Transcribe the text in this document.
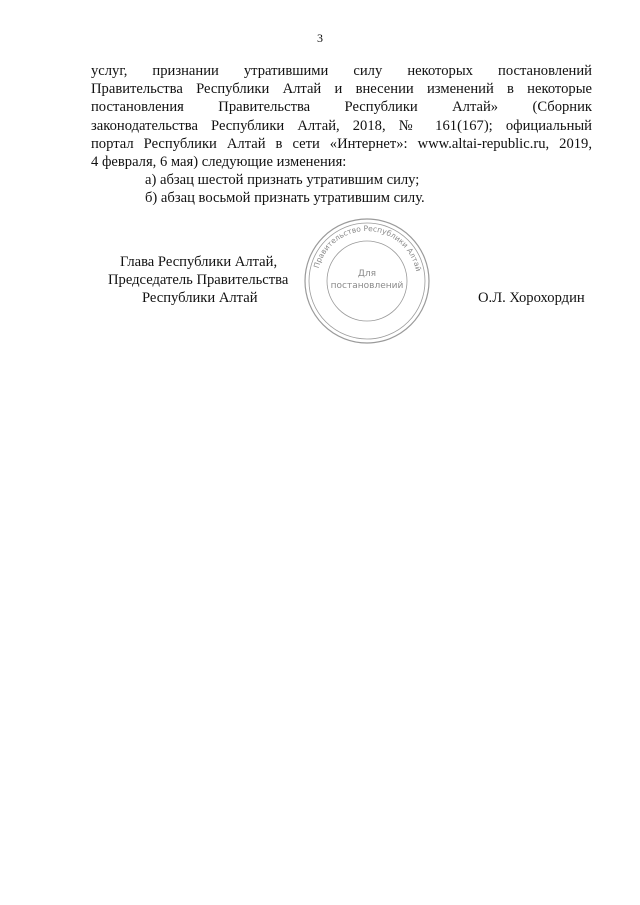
3
услуг, признании утратившими силу некоторых постановлений
Правительства Республики Алтай и внесении изменений в некоторые
постановления Правительства Республики Алтай» (Сборник
законодательства Республики Алтай, 2018, № 161(167); официальный
портал Республики Алтай в сети «Интернет»: www.altai-republic.ru, 2019,
4 февраля, 6 мая) следующие изменения:
а) абзац шестой признать утратившим силу;
б) абзац восьмой признать утратившим силу.
Глава Республики Алтай,
Председатель Правительства
Республики Алтай	О.Л. Хорохордин
Правительство Республики Алтай
Для
постановлений
